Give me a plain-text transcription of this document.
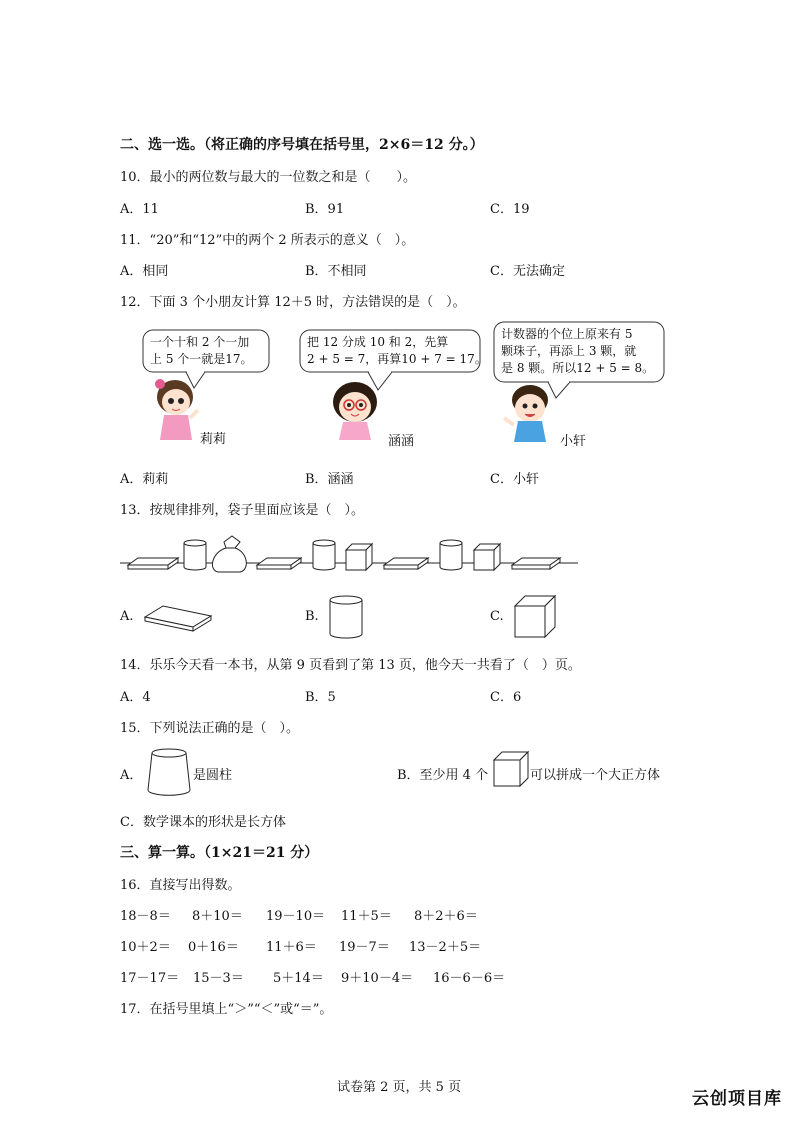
二、选一选。（将正确的序号填在括号里，2×6＝12 分。）
10．最小的两位数与最大的一位数之和是（　　）。
A．11	B．91	C．19
11．“20”和“12”中的两个 2 所表示的意义（　）。
A．相同	B．不相同	C．无法确定
12．下面 3 个小朋友计算 12＋5 时，方法错误的是（　）。
一个十和 2 个一加
上 5 个一就是17。
把 12 分成 10 和 2，先算
2 + 5 = 7，再算10 + 7 = 17。
计数器的个位上原来有 5
颗珠子，再添上 3 颗，就
是 8 颗。所以12 + 5 = 8。
莉莉	涵涵	小轩
A．莉莉	B．涵涵	C．小轩
13．按规律排列，袋子里面应该是（　）。
A.	B.	C.
14．乐乐今天看一本书，从第 9 页看到了第 13 页，他今天一共看了（　）页。
A．4	B．5	C．6
15．下列说法正确的是（　）。
A．	是圆柱	B．至少用 4 个	可以拼成一个大正方体
C．数学课本的形状是长方体
三、算一算。（1×21＝21 分）
16．直接写出得数。
18－8＝ 8＋10＝ 19－10＝ 11＋5＝ 8＋2＋6＝
10＋2＝ 0＋16＝ 11＋6＝ 19－7＝ 13－2＋5＝
17－17＝ 15－3＝ 5＋14＝ 9＋10－4＝ 16－6－6＝
17．在括号里填上“＞”“＜”或“＝”。
试卷第 2 页，共 5 页
云创项目库
